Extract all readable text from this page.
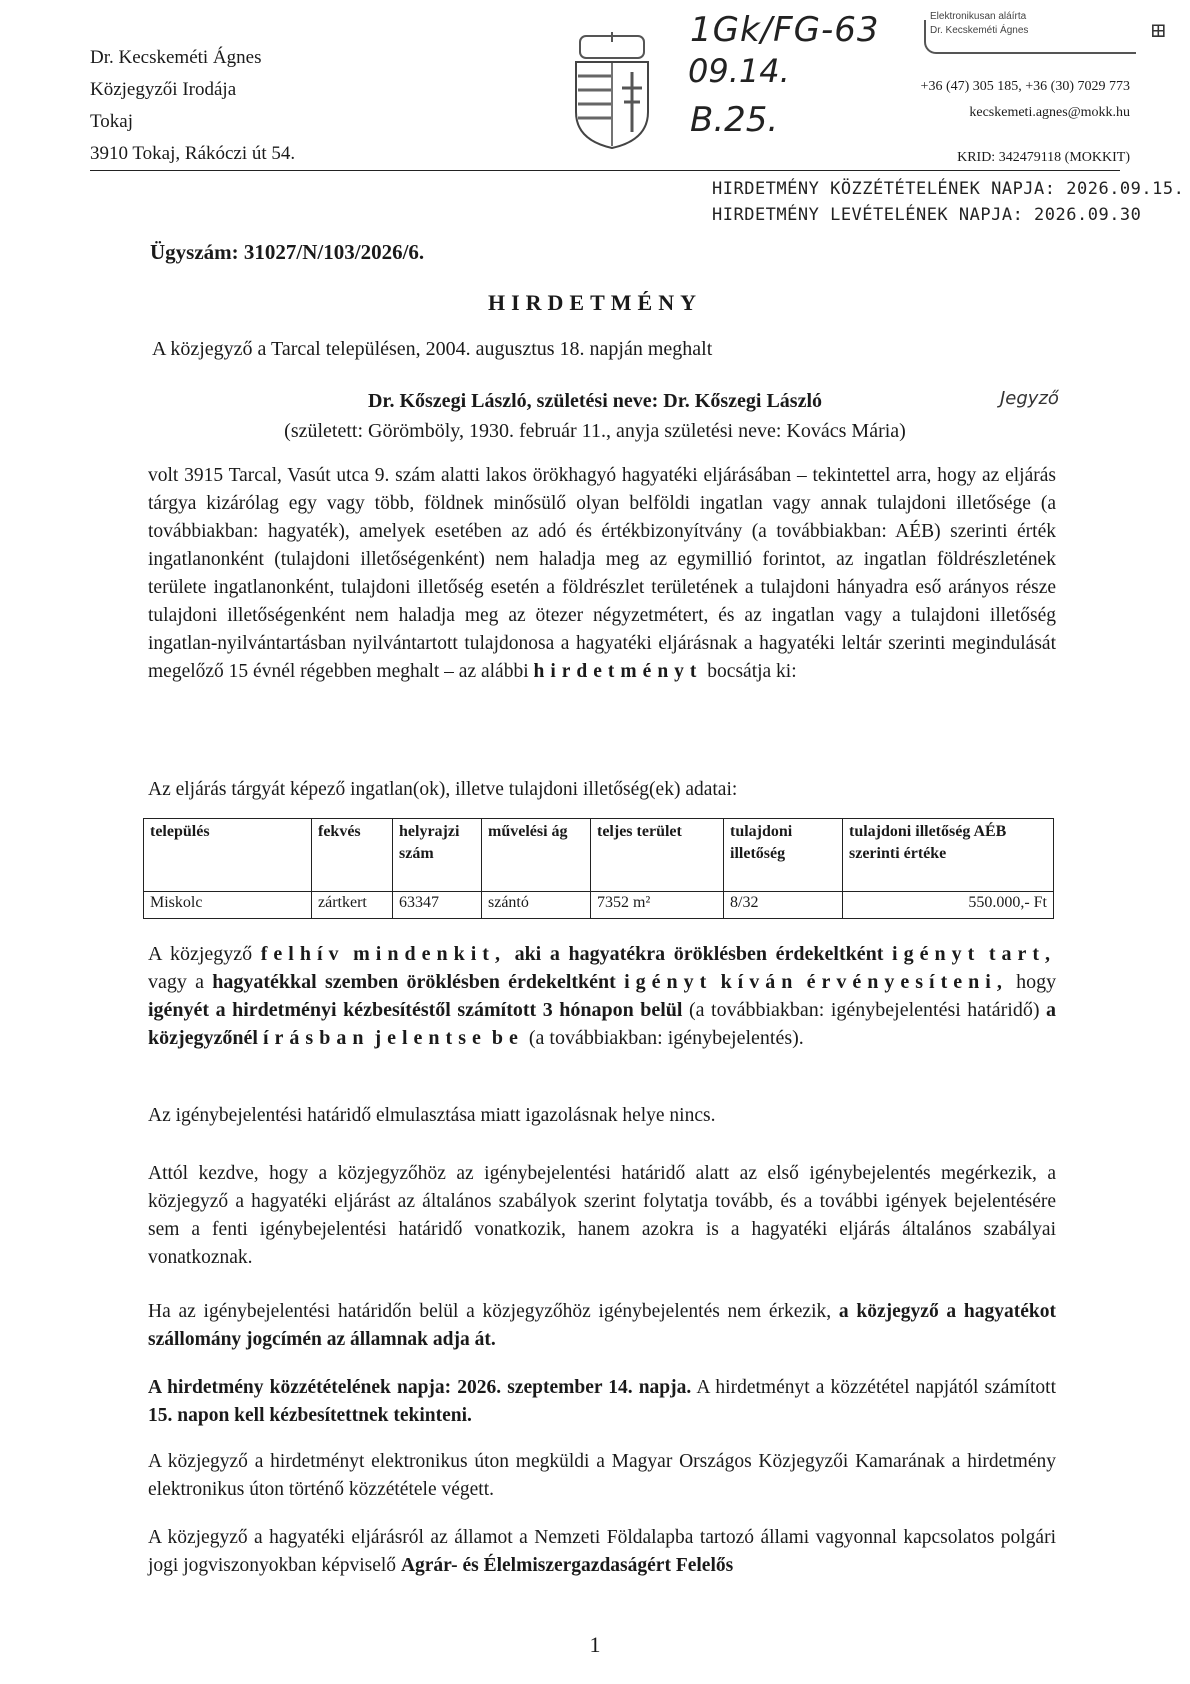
Dr. Kecskeméti Ágnes
Közjegyzői Irodája
Tokaj
3910 Tokaj, Rákóczi út 54.
1Gk/FG-63
09.14.
B.25.
Elektronikusan aláírta
Dr. Kecskeméti Ágnes	⊞
+36 (47) 305 185, +36 (30) 7029 773
kecskemeti.agnes@mokk.hu
KRID: 342479118 (MOKKIT)
HIRDETMÉNY KÖZZÉTÉTELÉNEK NAPJA: 2026.09.15.
HIRDETMÉNY LEVÉTELÉNEK NAPJA: 2026.09.30
Ügyszám: 31027/N/103/2026/6.
HIRDETMÉNY
A közjegyző a Tarcal településen, 2004. augusztus 18. napján meghalt
Dr. Kőszegi László, születési neve: Dr. Kőszegi László
(született: Görömböly, 1930. február 11., anyja születési neve: Kovács Mária)
Jegyző
volt 3915 Tarcal, Vasút utca 9. szám alatti lakos örökhagyó hagyatéki eljárásában – tekintettel arra, hogy az eljárás tárgya kizárólag egy vagy több, földnek minősülő olyan belföldi ingatlan vagy annak tulajdoni illetősége (a továbbiakban: hagyaték), amelyek esetében az adó és értékbizonyítvány (a továbbiakban: AÉB) szerinti érték ingatlanonként (tulajdoni illetőségenként) nem haladja meg az egymillió forintot, az ingatlan földrészletének területe ingatlanonként, tulajdoni illetőség esetén a földrészlet területének a tulajdoni hányadra eső arányos része tulajdoni illetőségenként nem haladja meg az ötezer négyzetmétert, és az ingatlan vagy a tulajdoni illetőség ingatlan-nyilvántartásban nyilvántartott tulajdonosa a hagyatéki eljárásnak a hagyatéki leltár szerinti megindulását megelőző 15 évnél régebben meghalt – az alábbi hirdetményt bocsátja ki:
Az eljárás tárgyát képező ingatlan(ok), illetve tulajdoni illetőség(ek) adatai:
település	fekvés	helyrajzi szám	művelési ág	teljes terület	tulajdoni illetőség	tulajdoni illetőség AÉB szerinti értéke
Miskolc	zártkert	63347	szántó	7352 m²	8/32	550.000,- Ft
A közjegyző felhív mindenkit, aki a hagyatékra öröklésben érdekeltként igényt tart, vagy a hagyatékkal szemben öröklésben érdekeltként igényt kíván érvényesíteni, hogy igényét a hirdetményi kézbesítéstől számított 3 hónapon belül (a továbbiakban: igénybejelentési határidő) a közjegyzőnél írásban jelentse be (a továbbiakban: igénybejelentés).
Az igénybejelentési határidő elmulasztása miatt igazolásnak helye nincs.
Attól kezdve, hogy a közjegyzőhöz az igénybejelentési határidő alatt az első igénybejelentés megérkezik, a közjegyző a hagyatéki eljárást az általános szabályok szerint folytatja tovább, és a további igények bejelentésére sem a fenti igénybejelentési határidő vonatkozik, hanem azokra is a hagyatéki eljárás általános szabályai vonatkoznak.
Ha az igénybejelentési határidőn belül a közjegyzőhöz igénybejelentés nem érkezik, a közjegyző a hagyatékot szállomány jogcímén az államnak adja át.
A hirdetmény közzétételének napja: 2026. szeptember 14. napja. A hirdetményt a közzététel napjától számított 15. napon kell kézbesítettnek tekinteni.
A közjegyző a hirdetményt elektronikus úton megküldi a Magyar Országos Közjegyzői Kamarának a hirdetmény elektronikus úton történő közzététele végett.
A közjegyző a hagyatéki eljárásról az államot a Nemzeti Földalapba tartozó állami vagyonnal kapcsolatos polgári jogi jogviszonyokban képviselő Agrár- és Élelmiszergazdaságért Felelős
1
